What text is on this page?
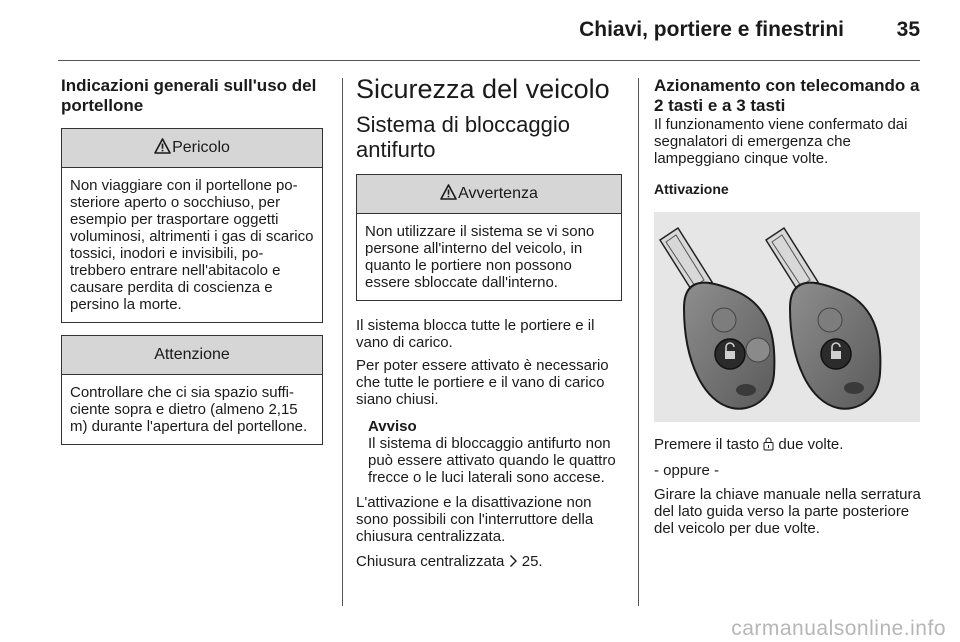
Chiavi, portiere e finestrini	35
Indicazioni generali sull'uso del portellone
Pericolo
Non viaggiare con il portellone posteriore aperto o socchiuso, per esempio per trasportare oggetti voluminosi, altrimenti i gas di scarico tossici, inodori e invisibili, potrebbero entrare nell'abitacolo e causare perdita di coscienza e persino la morte.
Attenzione
Controllare che ci sia spazio sufficiente sopra e dietro (almeno 2,15 m) durante l'apertura del portellone.
Sicurezza del veicolo
Sistema di bloccaggio antifurto
Avvertenza
Non utilizzare il sistema se vi sono persone all'interno del veicolo, in quanto le portiere non possono essere sbloccate dall'interno.

Il sistema blocca tutte le portiere e il vano di carico.

Per poter essere attivato è necessario che tutte le portiere e il vano di carico siano chiusi.

Avviso

Il sistema di bloccaggio antifurto non può essere attivato quando le quattro frecce o le luci laterali sono accese.

L'attivazione e la disattivazione non sono possibili con l'interruttore della chiusura centralizzata.

Chiusura centralizzata 25.

Azionamento con telecomando a 2 tasti e a 3 tasti

Il funzionamento viene confermato dai segnalatori di emergenza che lampeggiano cinque volte.

Attivazione

Premere il tasto due volte.

- oppure -

Girare la chiave manuale nella serratura del lato guida verso la parte posteriore del veicolo per due volte.

carmanualsonline.info
